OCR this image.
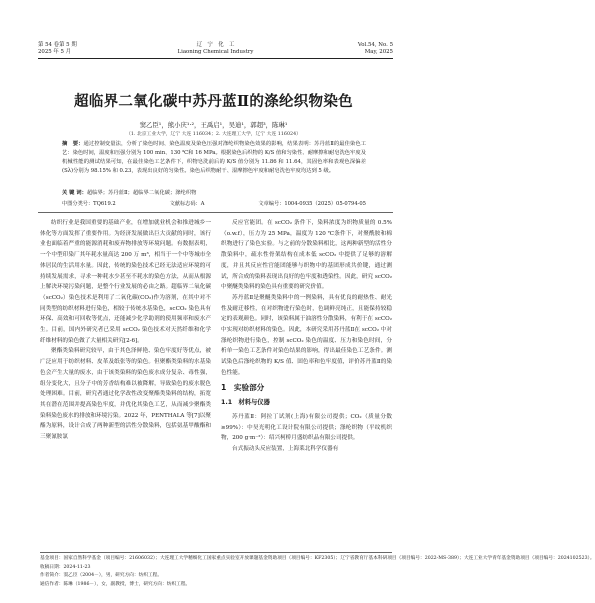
第 54 卷第 5 期	辽　宁　化　工	Vol.54, No. 5
2025 年 5 月	Liaoning Chemical Industry	May, 2025
超临界二氧化碳中苏丹蓝Ⅱ的涤纶织物染色
窦乙臣¹，熊小庆¹·²，王禹启¹，吴迪¹，郭超³，陈琳¹
（1. 北京工业大学，辽宁 大连 116034；2. 大连理工大学，辽宁 大连 116024）
摘　要：通过控制变量法，分析了染色时间、染色温度及染色压强对涤纶织物染色效果的影响，结果表明：苏丹蓝Ⅱ的最佳染色工艺：染色时间，温度和压强分别为 100 min、130 ℃和 16 MPa。根据染色后织物的 K/S 值和匀染性、耐摩擦和耐皂洗色牢度及机械性能的测试结果可知，在最佳染色工艺条件下，织物皂洗前后的 K/S 值分别为 11.86 和 11.64，其固色率和表观色深偏差(Sλ)分别为 98.15% 和 0.23，表现出良好的匀染性。染色后织物耐干、湿摩擦色牢度和耐皂洗色牢度均达到 5 级。
关 键 词：超临界；苏丹蓝Ⅱ；超临界二氧化碳；涤纶织物
中图分类号：TQ619.2	文献标志码：A	文章编号：1004-0935（2025）05-0794-05

纺织行业是我国重要的基础产业，在增加就业机会和推进城乡一体化等方面发挥了重要作用。为经济发展做出巨大贡献的同时，该行业也面临着严重的能源消耗和废弃物排放等环境问题。有数据表明，一个中型印染厂其年耗水量高达 200 万 m³，相当于一个中等城市全体居民的生活用水量。因此，传统的染色技术已经无法适应环境的可持续发展需求，寻求一种耗水少甚至不耗水的染色方法，从而从根源上解决环境污染问题，是整个行业发展的必由之路。超临界二氧化碳（scCO₂）染色技术是利用了二氧化碳(CO₂)作为溶剂，在其中对不同类型的纺织材料进行染色，相较于传统水基染色，scCO₂ 染色具有环保、高效和可回收等优点，还能减少化学助剂的使用频率和废水产生。目前，国内外研究者已采用 scCO₂ 染色技术对天然纤维和化学纤维材料的染色做了大量相关研究[2-6]。

聚酯类染料研究较早，由于其色泽鲜艳、染色牢度好等优点，被广泛应用于纺织材料、皮革及纸张等的染色。但聚酯类染料的水基染色会产生大量的废水，由于该类染料的染色废水成分复杂、毒性强，组分变化大，且分子中的芳香结构难以被降解，导致染色的废水脱色处理困难。目前，研究者通过化学改性改变聚酯类染料的结构，拓宽其在潜在范围并提高染色牢度，并优化其染色工艺，从而减少聚酯类染料染色废水的排放和环境污染。2022 年，PENTHALA 等[7]以聚酯为原料，设计合成了两种新型的活性分散染料，包括氨基甲酸酯和三聚氰胺氯

反应官能团。在 scCO₂ 条件下，染料浓度为织物质量的 0.5%（o.w.f），压力为 25 MPa，温度为 120 ℃条件下，对聚酰胺和棉织物进行了染色实验。与之前的分散染料相比，这两种新型的活性分散染料中，疏水性骨架结构在成本低 scCO₂ 中提供了足够的溶解度，并且其反应性官能团能够与织物中的基团形成共价键，通过测试，所合成的染料表现出良好的色牢度和透染性。因此，研究 scCO₂ 中聚醚类染料的染色具有重要的研究价值。

苏丹蓝Ⅱ是聚醚类染料中的一例染料，具有优良的耐热性、耐光性及耐迁移性，在对织物进行染色时，色调鲜亮纯正，且能保持较稳定的表观颜色。同时，该染料属于油溶性分散染料，有利于在 scCO₂ 中实现对纺织材料的染色。因此，本研究采用苏丹蓝Ⅱ在 scCO₂ 中对涤纶织物进行染色，控制 scCO₂ 染色的温度、压力和染色时间，分析单一染色工艺条件对染色结果的影响，得出最佳染色工艺条件。测试染色后涤纶织物的 K/S 值、固色率和色牢度值，评价苏丹蓝Ⅱ的染色性能。

1　实验部分
1.1　材料与仪器

苏丹蓝Ⅱ：阿拉丁试剂(上海)有限公司提供；CO₂（质量分数≥99%）：中昊光明化工设计院有限公司提供；涤纶织物（平纹机织物，200 g·m⁻²）：绍兴柯桥月盛纺织品有限公司提供。

台式振动头反应装置，上海莱北科学仪器有

基金项目：国家自然科学基金（项目编号：21606032）；大连理工大学精细化工国家重点实验室开放课题基金资助项目（项目编号：KF2305）；辽宁省教育厅基本科研项目（项目编号：2022-MS-389）；大连工业大学青年基金资助项目（项目编号：2024102523）。
收稿日期：2024-11-23
作者简介：窦乙臣（2004－），男，研究方向：纺织工程。
通信作者：陈琳（1986－），女，副教授，博士，研究方向：纺织工程。
